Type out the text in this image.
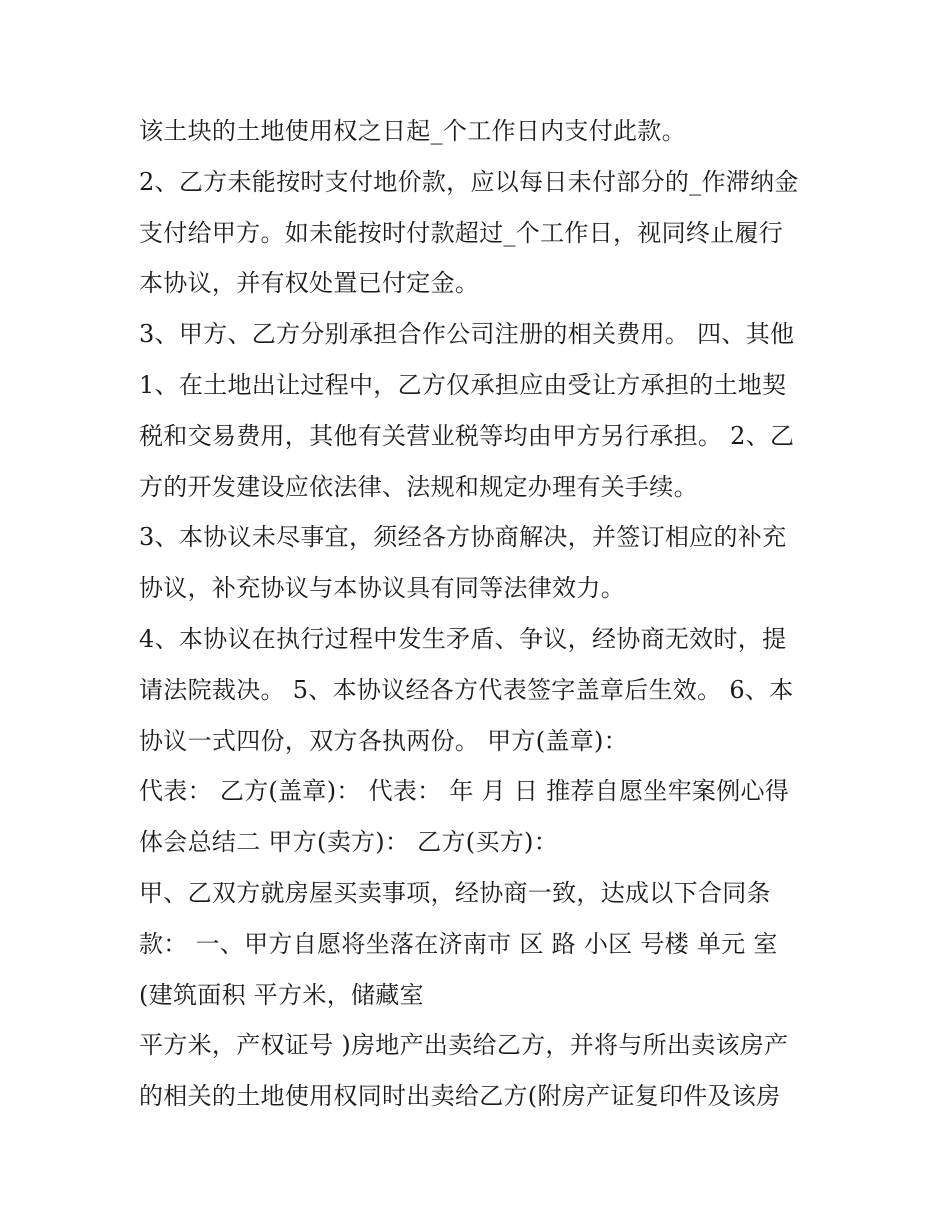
该土块的土地使用权之日起_个工作日内支付此款。
2、乙方未能按时支付地价款，应以每日未付部分的_作滞纳金
支付给甲方。如未能按时付款超过_个工作日，视同终止履行
本协议，并有权处置已付定金。
3、甲方、乙方分别承担合作公司注册的相关费用。 四、其他
1、在土地出让过程中，乙方仅承担应由受让方承担的土地契
税和交易费用，其他有关营业税等均由甲方另行承担。 2、乙
方的开发建设应依法律、法规和规定办理有关手续。
3、本协议未尽事宜，须经各方协商解决，并签订相应的补充
协议，补充协议与本协议具有同等法律效力。
4、本协议在执行过程中发生矛盾、争议，经协商无效时，提
请法院裁决。 5、本协议经各方代表签字盖章后生效。 6、本
协议一式四份，双方各执两份。 甲方(盖章)：
代表： 乙方(盖章)： 代表： 年 月 日 推荐自愿坐牢案例心得
体会总结二 甲方(卖方)： 乙方(买方)：
甲、乙双方就房屋买卖事项，经协商一致，达成以下合同条
款： 一、甲方自愿将坐落在济南市 区 路 小区 号楼 单元 室
(建筑面积 平方米，储藏室
平方米，产权证号 )房地产出卖给乙方，并将与所出卖该房产
的相关的土地使用权同时出卖给乙方(附房产证复印件及该房
